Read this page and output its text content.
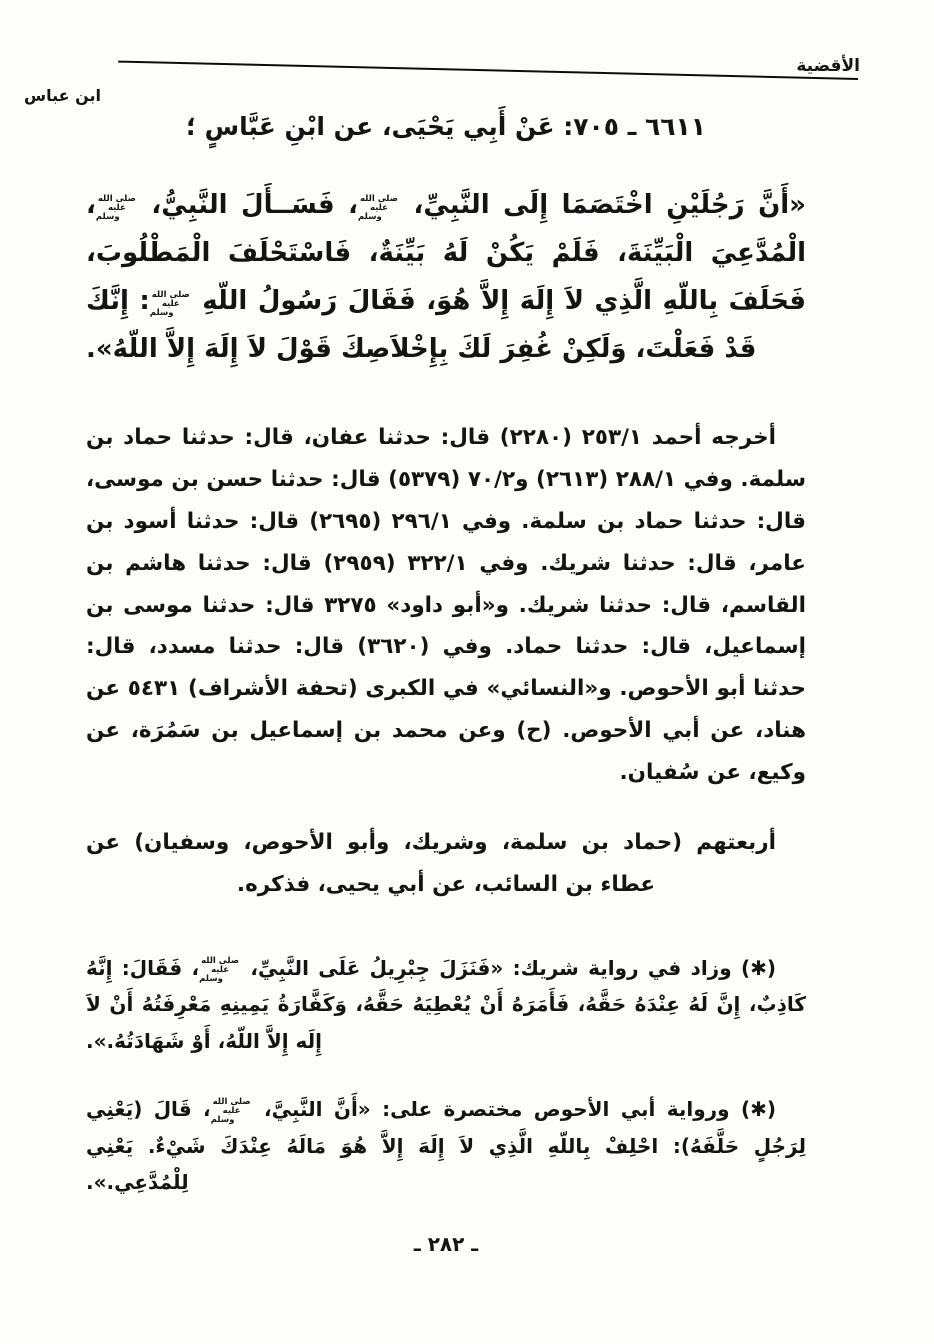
الأقضية
ابن عباس

٦٦١١ ـ ٧٠٥: عَنْ أَبِي يَحْيَى، عن ابْنِ عَبَّاسٍ ؛

«أَنَّ رَجُلَيْنِ اخْتَصَمَا إِلَى النَّبِيِّ، صلى الله عليه وسلم، فَسَــأَلَ النَّبِيُّ، صلى الله عليه وسلم، الْمُدَّعِيَ الْبَيِّنَةَ، فَلَمْ يَكُنْ لَهُ بَيِّنَةٌ، فَاسْتَحْلَفَ الْمَطْلُوبَ، فَحَلَفَ بِاللّهِ الَّذِي لاَ إِلَهَ إِلاَّ هُوَ، فَقَالَ رَسُولُ اللّهِ صلى الله عليه وسلم: إِنَّكَ قَدْ فَعَلْتَ، وَلَكِنْ غُفِرَ لَكَ بِإِخْلاَصِكَ قَوْلَ لاَ إِلَهَ إِلاَّ اللّهُ».

أخرجه أحمد ٢٥٣/١ (٢٢٨٠) قال: حدثنا عفان، قال: حدثنا حماد بن سلمة. وفي ٢٨٨/١ (٢٦١٣) و٧٠/٢ (٥٣٧٩) قال: حدثنا حسن بن موسى، قال: حدثنا حماد بن سلمة. وفي ٢٩٦/١ (٢٦٩٥) قال: حدثنا أسود بن عامر، قال: حدثنا شريك. وفي ٣٢٢/١ (٢٩٥٩) قال: حدثنا هاشم بن القاسم، قال: حدثنا شريك. و«أبو داود» ٣٢٧٥ قال: حدثنا موسى بن إسماعيل، قال: حدثنا حماد. وفي (٣٦٢٠) قال: حدثنا مسدد، قال: حدثنا أبو الأحوص. و«النسائي» في الكبرى (تحفة الأشراف) ٥٤٣١ عن هناد، عن أبي الأحوص. (ح) وعن محمد بن إسماعيل بن سَمُرَة، عن وكيع، عن سُفيان.

أربعتهم (حماد بن سلمة، وشريك، وأبو الأحوص، وسفيان) عن عطاء بن السائب، عن أبي يحيى، فذكره.

(✱) وزاد في رواية شريك: «فَنَزَلَ جِبْرِيلُ عَلَى النَّبِيِّ، صلى الله عليه وسلم، فَقَالَ: إِنَّهُ كَاذِبٌ، إِنَّ لَهُ عِنْدَهُ حَقَّهُ، فَأَمَرَهُ أَنْ يُعْطِيَهُ حَقَّهُ، وَكَفَّارَةُ يَمِينِهِ مَعْرِفَتُهُ أَنْ لاَ إِلَه إِلاَّ اللّهُ، أَوْ شَهَادَتُهُ.».

(✱) ورواية أبي الأحوص مختصرة على: «أَنَّ النَّبِيَّ، صلى الله عليه وسلم، قَالَ (يَعْنِي لِرَجُلٍ حَلَّفَهُ): احْلِفْ بِاللّهِ الَّذِي لاَ إِلَهَ إِلاَّ هُوَ مَالَهُ عِنْدَكَ شَيْءٌ. يَعْنِي لِلْمُدَّعِي.».

ـ ٢٨٢ ـ
